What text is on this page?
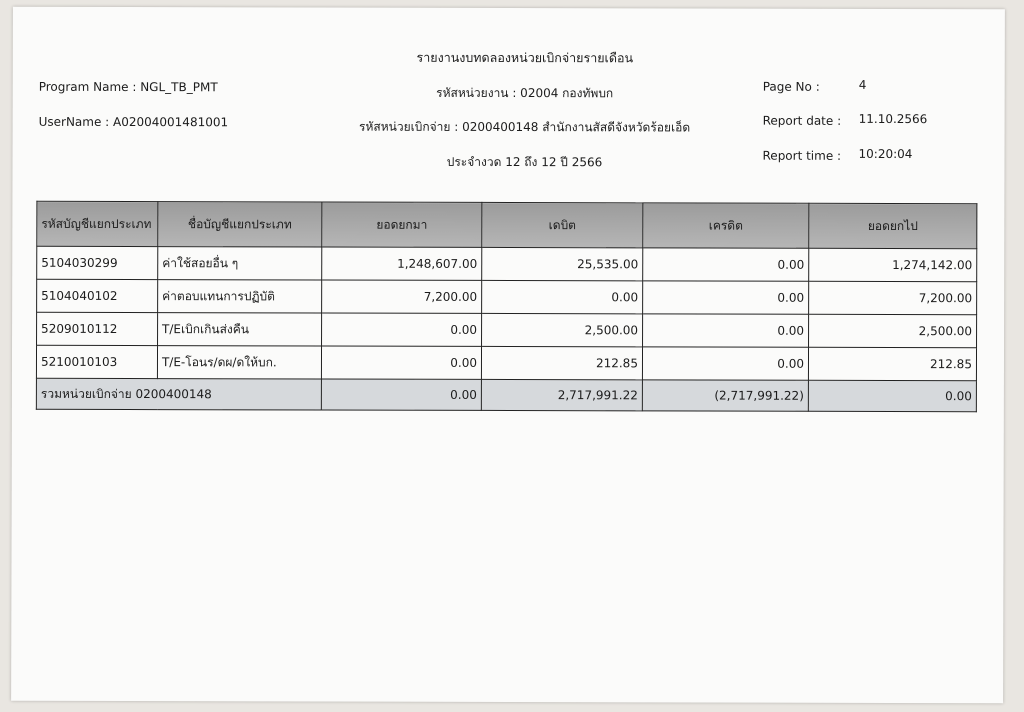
รายงานงบทดลองหน่วยเบิกจ่ายรายเดือน
Program Name : NGL_TB_PMT	รหัสหน่วยงาน : 02004 กองทัพบก	Page No :	4
UserName : A02004001481001	รหัสหน่วยเบิกจ่าย : 0200400148 สำนักงานสัสดีจังหวัดร้อยเอ็ด	Report date : 11.10.2566
ประจำงวด 12 ถึง 12 ปี 2566	Report time : 10:20:04
รหัสบัญชีแยกประเภท	ชื่อบัญชีแยกประเภท	ยอดยกมา	เดบิต	เครดิต	ยอดยกไป
5104030299	ค่าใช้สอยอื่น ๆ	1,248,607.00	25,535.00	0.00	1,274,142.00
5104040102	ค่าตอบแทนการปฏิบัติ	7,200.00	0.00	0.00	7,200.00
5209010112	T/Eเบิกเกินส่งคืน	0.00	2,500.00	0.00	2,500.00
5210010103	T/E-โอนร/ดผ/ดให้บก.	0.00	212.85	0.00	212.85
รวมหน่วยเบิกจ่าย 0200400148		0.00	2,717,991.22	(2,717,991.22)	0.00
